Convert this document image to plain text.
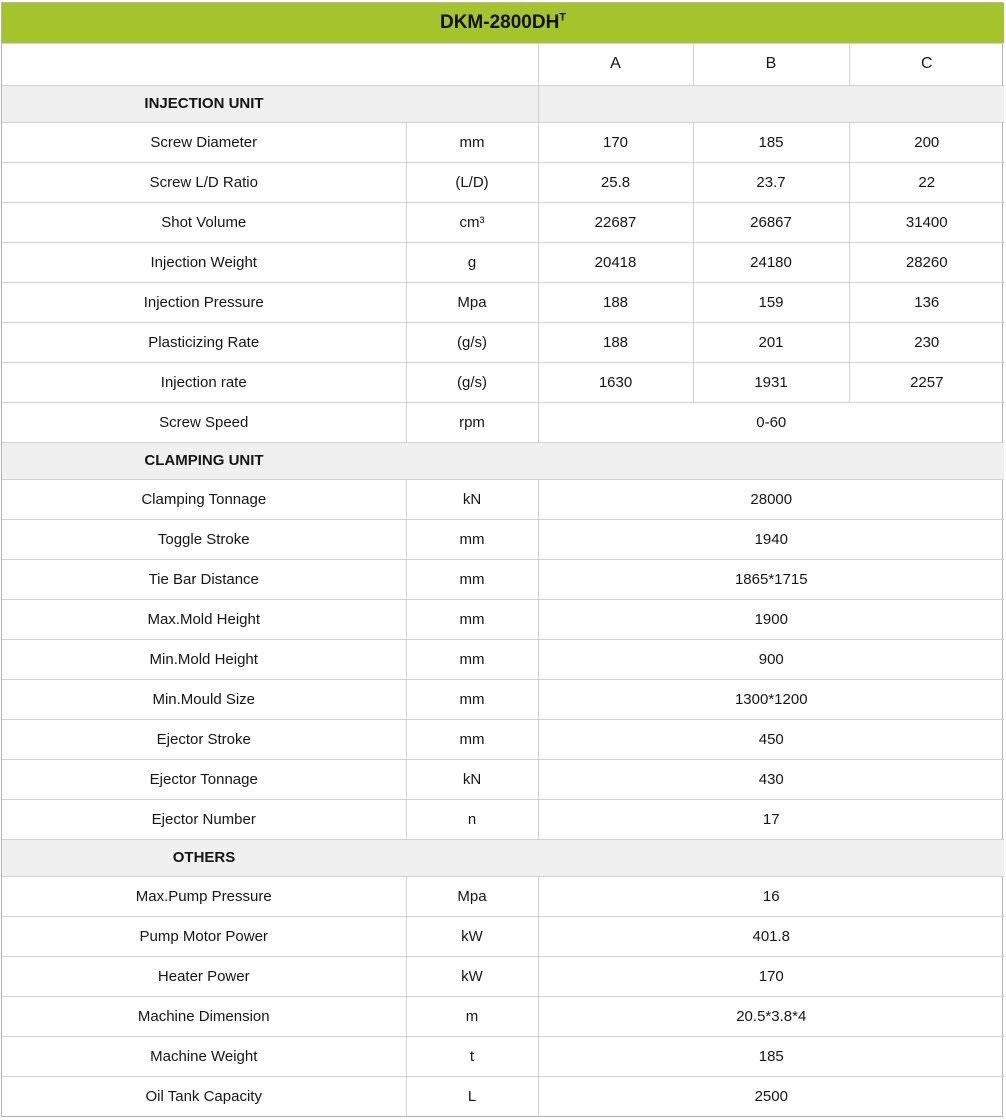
DKM-$2800DH^T$
		A	B	C

INJECTION UNIT				

Screw Diameter	mm	170	185	200
Screw L/D Ratio	(L/D)	25.8	23.7	22
Shot Volume	cm³	22687	26867	31400
Injection Weight	g	20418	24180	28260
Injection Pressure	Mpa	188	159	136
Plasticizing Rate	(g/s)	188	201	230
Injection rate	(g/s)	1630	1931	2257
Screw Speed	rpm	0-60		

CLAMPING UNIT				

Clamping Tonnage	kN	28000		
Toggle Stroke	mm	1940		
Tie Bar Distance	mm	1865*1715		
Max.Mold Height	mm	1900		
Min.Mold Height	mm	900		
Min.Mould Size	mm	1300*1200		
Ejector Stroke	mm	450		
Ejector Tonnage	kN	430		
Ejector Number	n	17		

OTHERS				

Max.Pump Pressure	Mpa	16		
Pump Motor Power	kW	401.8		
Heater Power	kW	170		
Machine Dimension	m	20.5*3.8*4		
Machine Weight	t	185		
Oil Tank Capacity	L	2500		
